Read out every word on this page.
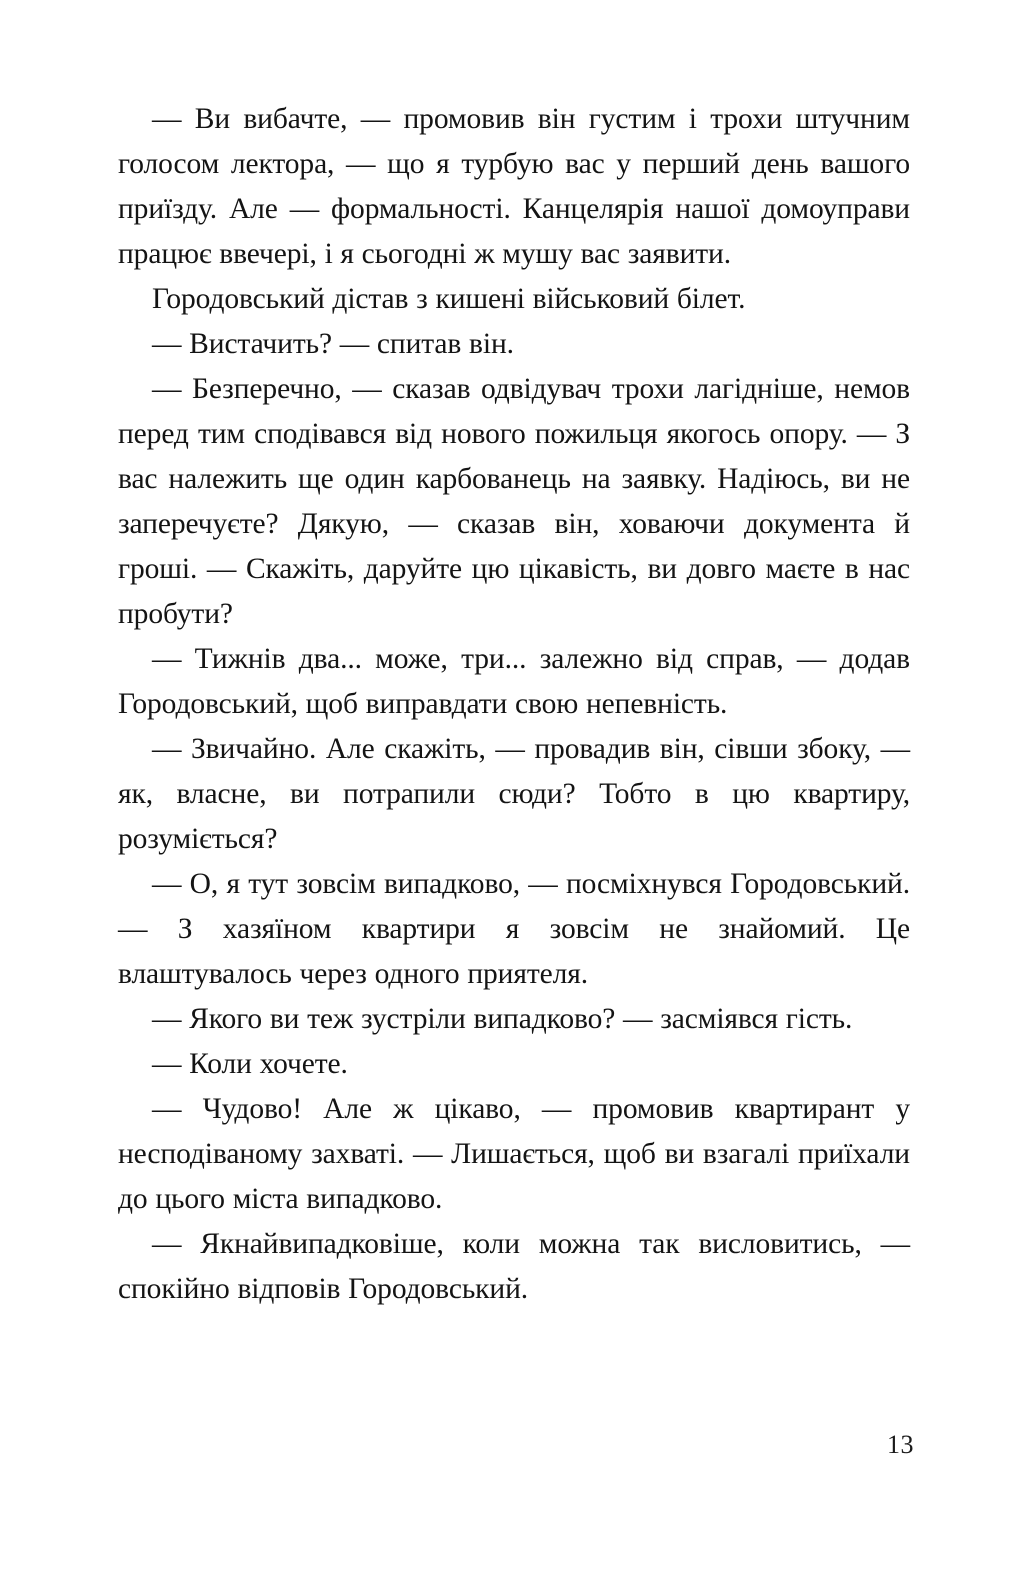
— Ви вибачте, — промовив він густим і трохи штучним голосом лектора, — що я турбую вас у перший день вашого приїзду. Але — формальності. Канцелярія нашої домоуправи працює ввечері, і я сьогодні ж мушу вас заявити.

Городовський дістав з кишені військовий білет.

— Вистачить? — спитав він.

— Безперечно, — сказав одвідувач трохи лагідніше, немов перед тим сподівався від нового пожильця якогось опору. — З вас належить ще один карбованець на заявку. Надіюсь, ви не заперечуєте? Дякую, — сказав він, ховаючи документа й гроші. — Скажіть, даруйте цю цікавість, ви довго маєте в нас пробути?

— Тижнів два... може, три... залежно від справ, — додав Городовський, щоб виправдати свою непевність.

— Звичайно. Але скажіть, — провадив він, сівши збоку, — як, власне, ви потрапили сюди? Тобто в цю квартиру, розуміється?

— О, я тут зовсім випадково, — посміхнувся Городовський. — З хазяїном квартири я зовсім не знайомий. Це влаштувалось через одного приятеля.

— Якого ви теж зустріли випадково? — засміявся гість.

— Коли хочете.

— Чудово! Але ж цікаво, — промовив квартирант у несподіваному захваті. — Лишається, щоб ви взагалі приїхали до цього міста випадково.

— Якнайвипадковіше, коли можна так висловитись, — спокійно відповів Городовський.

13
